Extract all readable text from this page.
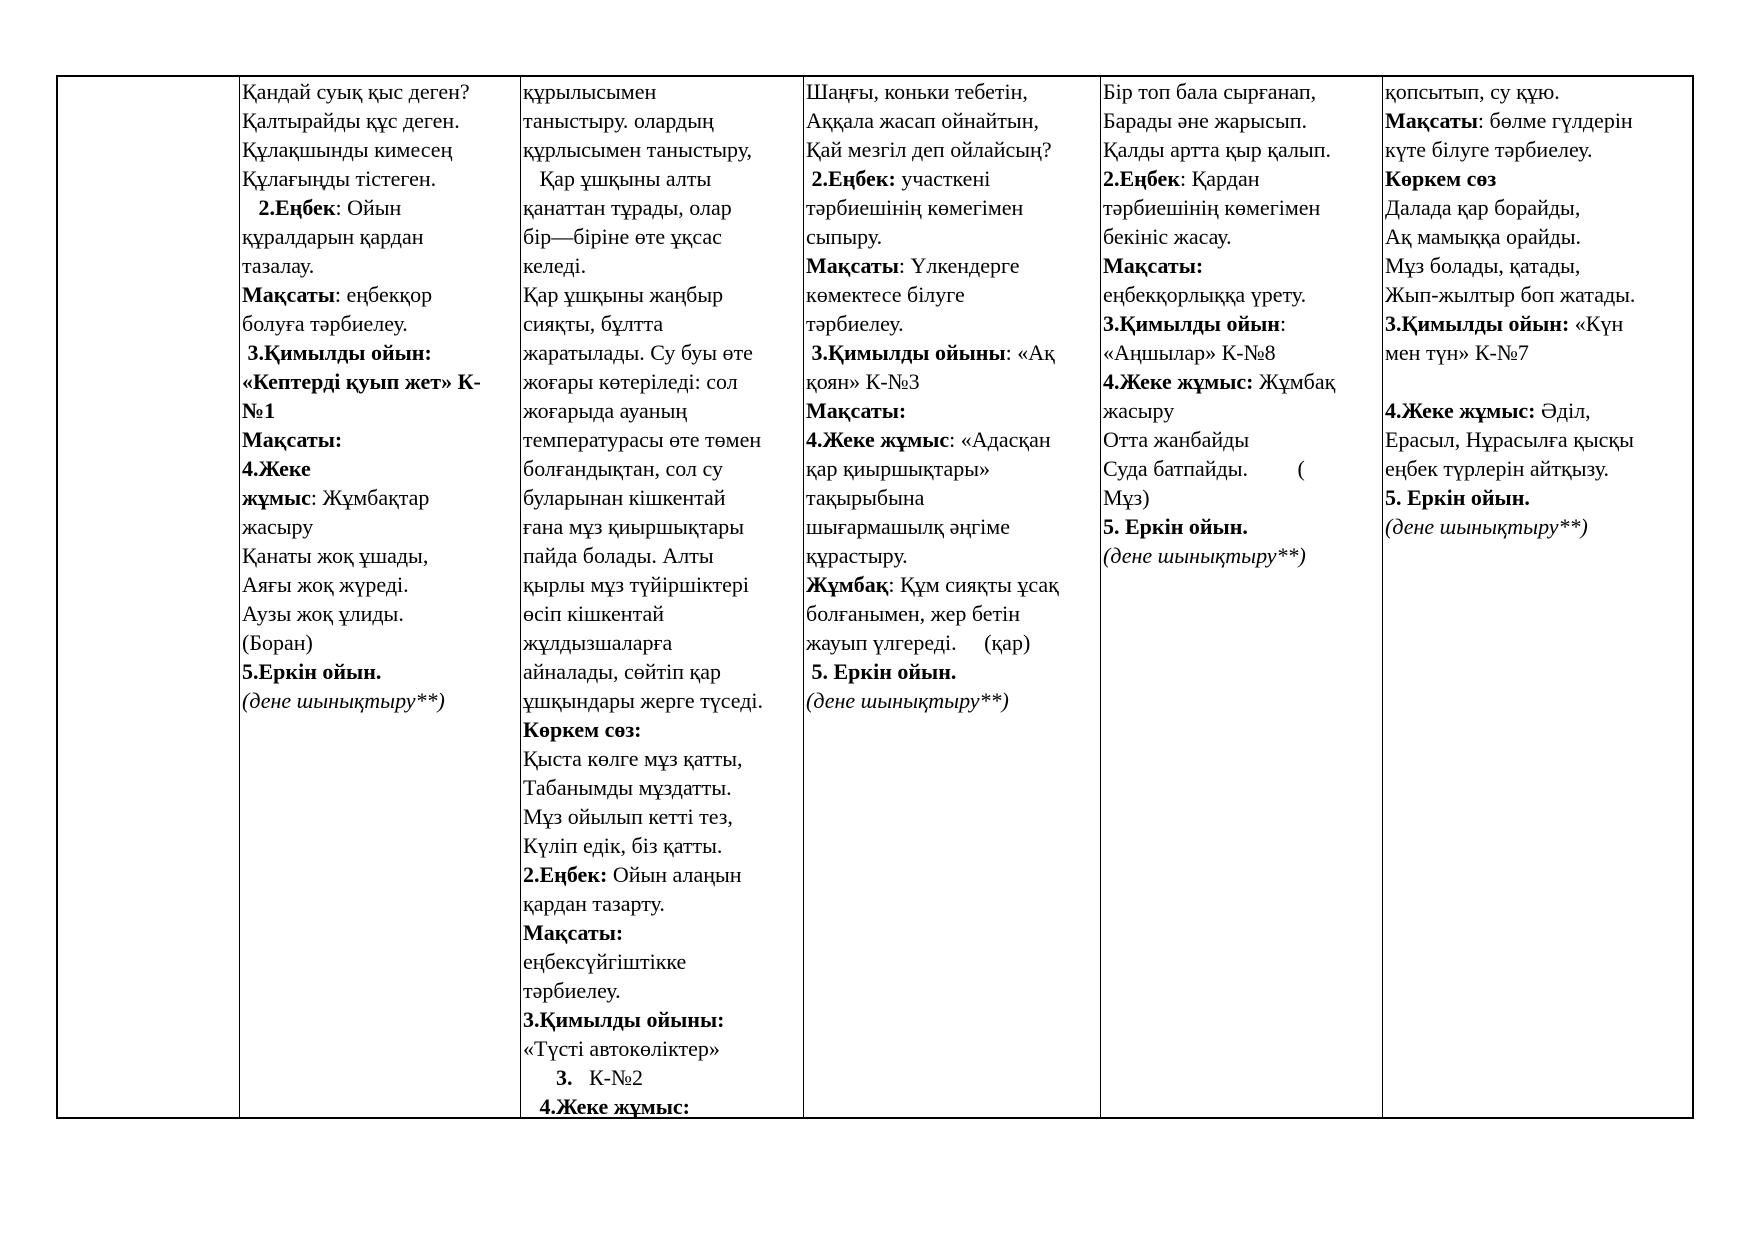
Қандай суық қыс деген?
Қалтырайды құс деген.
Құлақшынды кимесең
Құлағыңды тістеген.
2.Еңбек: Ойын
құралдарын қардан
тазалау.
Мақсаты: еңбекқор
болуға тәрбиелеу.
3.Қимылды ойын:
«Кептерді қуып жет» К-
№1
Мақсаты:
4.Жеке
жұмыс: Жұмбақтар
жасыру
Қанаты жоқ ұшады,
Аяғы жоқ жүреді.
Аузы жоқ ұлиды.
(Боран)
5.Еркін ойын.
(дене шынықтыру**)
құрылысымен
таныстыру. олардың
құрлысымен таныстыру,
Қар ұшқыны алты
қанаттан тұрады, олар
бір—біріне өте ұқсас
келеді.
Қар ұшқыны жаңбыр
сияқты, бұлтта
жаратылады. Су буы өте
жоғары көтеріледі: сол
жоғарыда ауаның
температурасы өте төмен
болғандықтан, сол су
буларынан кішкентай
ғана мұз қиыршықтары
пайда болады. Алты
қырлы мұз түйіршіктері
өсіп кішкентай
жұлдызшаларға
айналады, сөйтіп қар
ұшқындары жерге түседі.
Көркем сөз:
Қыста көлге мұз қатты,
Табанымды мұздатты.
Мұз ойылып кетті тез,
Күліп едік, біз қатты.
2.Еңбек: Ойын алаңын
қардан тазарту.
Мақсаты:
еңбексүйгіштікке
тәрбиелеу.
3.Қимылды ойыны:
«Түсті автокөліктер»
3.   К-№2
4.Жеке жұмыс:
Шаңғы, коньки тебетін,
Аққала жасап ойнайтын,
Қай мезгіл деп ойлайсың?
2.Еңбек: участкені
тәрбиешінің көмегімен
сыпыру.
Мақсаты: Үлкендерге
көмектесе білуге
тәрбиелеу.
3.Қимылды ойыны: «Ақ
қоян» К-№3
Мақсаты:
4.Жеке жұмыс: «Адасқан
қар қиыршықтары»
тақырыбына
шығармашылқ әңгіме
құрастыру.
Жұмбақ: Құм сияқты ұсақ
болғанымен, жер бетін
жауып үлгереді.     (қар)
5. Еркін ойын.
(дене шынықтыру**)
Бір топ бала сырғанап,
Барады әне жарысып.
Қалды артта қыр қалып.
2.Еңбек: Қардан
тәрбиешінің көмегімен
бекініс жасау.
Мақсаты:
еңбекқорлыққа үрету.
3.Қимылды ойын:
«Аңшылар» К-№8
4.Жеке жұмыс: Жұмбақ
жасыру
Отта жанбайды
Суда батпайды.         (
Мұз)
5. Еркін ойын.
(дене шынықтыру**)
қопсытып, су құю.
Мақсаты: бөлме гүлдерін
күте білуге тәрбиелеу.
Көркем сөз
Далада қар борайды,
Ақ мамыққа орайды.
Мұз болады, қатады,
Жып-жылтыр боп жатады.
3.Қимылды ойын: «Күн
мен түн» К-№7

4.Жеке жұмыс: Әділ,
Ерасыл, Нұрасылға қысқы
еңбек түрлерін айтқызу.
5. Еркін ойын.
(дене шынықтыру**)
